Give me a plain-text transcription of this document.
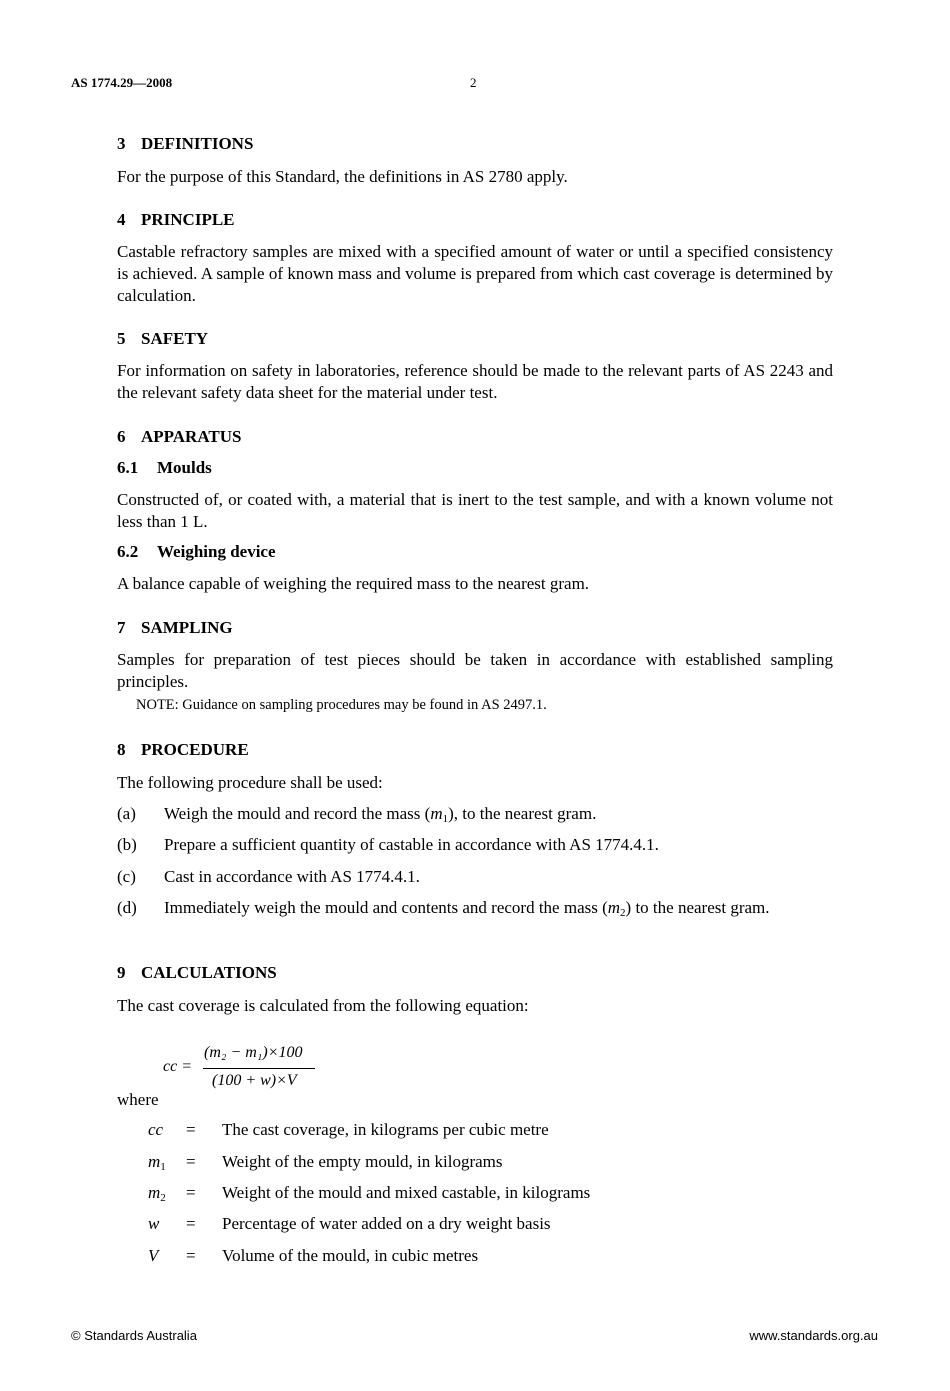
AS 1774.29—2008	2
3 DEFINITIONS
For the purpose of this Standard, the definitions in AS 2780 apply.
4 PRINCIPLE
Castable refractory samples are mixed with a specified amount of water or until a specified consistency is achieved. A sample of known mass and volume is prepared from which cast coverage is determined by calculation.
5 SAFETY
For information on safety in laboratories, reference should be made to the relevant parts of AS 2243 and the relevant safety data sheet for the material under test.
6 APPARATUS
6.1 Moulds
Constructed of, or coated with, a material that is inert to the test sample, and with a known volume not less than 1 L.
6.2 Weighing device
A balance capable of weighing the required mass to the nearest gram.
7 SAMPLING
Samples for preparation of test pieces should be taken in accordance with established sampling principles.
NOTE: Guidance on sampling procedures may be found in AS 2497.1.
8 PROCEDURE
The following procedure shall be used:
(a) Weigh the mould and record the mass $(m_1)$, to the nearest gram.
(b) Prepare a sufficient quantity of castable in accordance with AS 1774.4.1.
(c) Cast in accordance with AS 1774.4.1.
(d) Immediately weigh the mould and contents and record the mass $(m_2)$ to the nearest gram.
9 CALCULATIONS
The cast coverage is calculated from the following equation:
cc =
(m₂ − m₁)×100
(100 + w)×V
where
cc = The cast coverage, in kilograms per cubic metre
$m_1$ = Weight of the empty mould, in kilograms
$m_2$ = Weight of the mould and mixed castable, in kilograms
w = Percentage of water added on a dry weight basis
V = Volume of the mould, in cubic metres
© Standards Australia	www.standards.org.au
